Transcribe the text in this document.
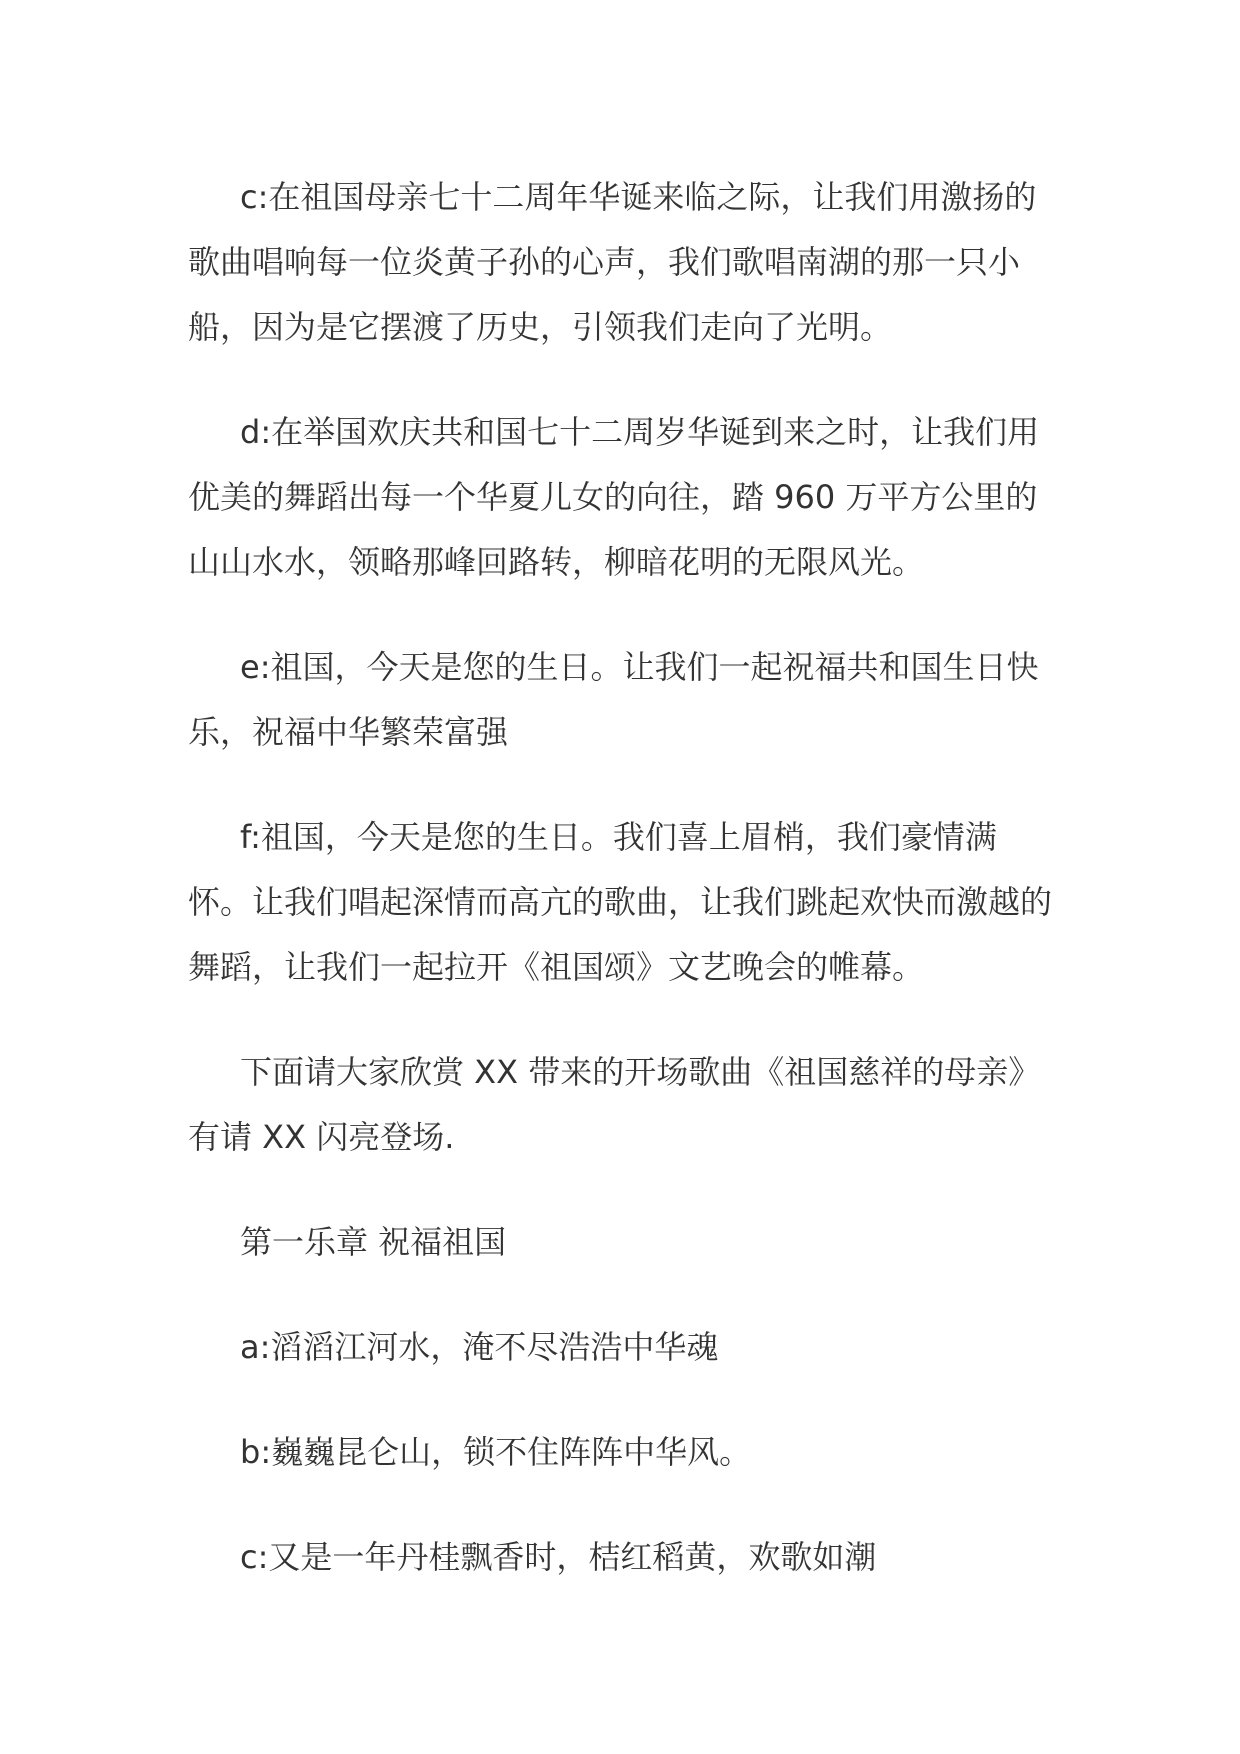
c:在祖国母亲七十二周年华诞来临之际，让我们用激扬的歌曲唱响每一位炎黄子孙的心声，我们歌唱南湖的那一只小船，因为是它摆渡了历史，引领我们走向了光明。

d:在举国欢庆共和国七十二周岁华诞到来之时，让我们用优美的舞蹈出每一个华夏儿女的向往，踏 960 万平方公里的山山水水，领略那峰回路转，柳暗花明的无限风光。

e:祖国，今天是您的生日。让我们一起祝福共和国生日快乐，祝福中华繁荣富强

f:祖国，今天是您的生日。我们喜上眉梢，我们豪情满怀。让我们唱起深情而高亢的歌曲，让我们跳起欢快而激越的舞蹈，让我们一起拉开《祖国颂》文艺晚会的帷幕。

下面请大家欣赏 XX 带来的开场歌曲《祖国慈祥的母亲》有请 XX 闪亮登场.

第一乐章 祝福祖国

a:滔滔江河水，淹不尽浩浩中华魂

b:巍巍昆仑山，锁不住阵阵中华风。

c:又是一年丹桂飘香时，桔红稻黄，欢歌如潮
